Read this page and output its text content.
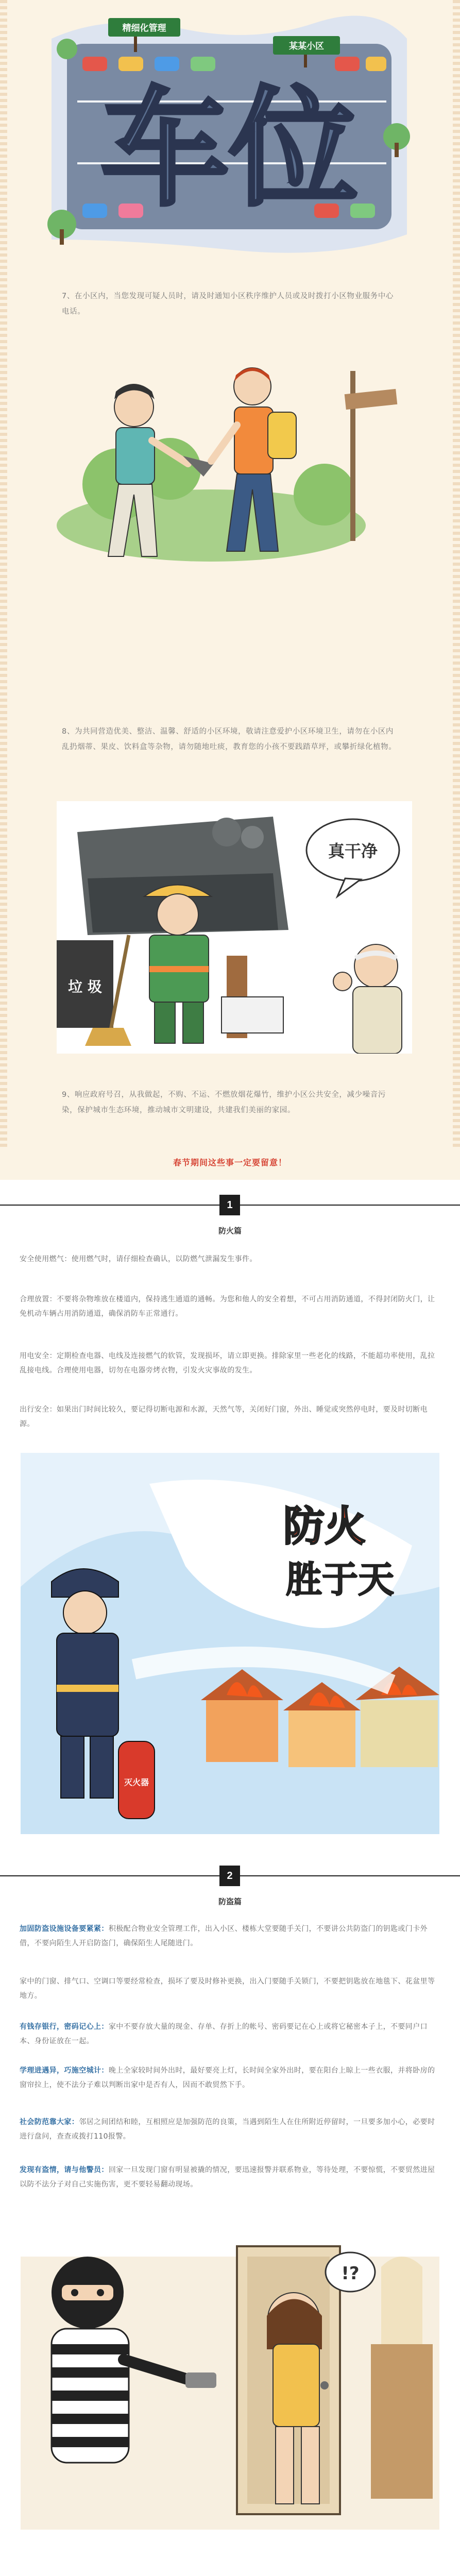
精细化管理
某某小区
车位
7、在小区内，当您发现可疑人员时，请及时通知小区秩序维护人员或及时拨打小区物业服务中心电话。
8、为共同营造优美、整洁、温馨、舒适的小区环境，敬请注意爱护小区环境卫生，请勿在小区内乱扔烟蒂、果皮、饮料盒等杂物，请勿随地吐痰，教育您的小孩不要践踏草坪，或攀折绿化植物。
垃 圾
真干净
9、响应政府号召，从我做起，不购、不运、不燃放烟花爆竹，维护小区公共安全，减少噪音污染，保护城市生态环境，推动城市文明建设，共建我们美丽的家园。
春节期间这些事一定要留意！
1
防火篇
安全使用燃气：使用燃气时，请仔细检查确认，以防燃气泄漏发生事件。
合理放置：不要将杂物堆放在楼道内，保持逃生通道的通畅。为您和他人的安全着想，不可占用消防通道，不得封闭防火门，让免机动车辆占用消防通道，确保消防车正常通行。
用电安全：定期检查电器、电线及连接燃气的软管，发现损坏，请立即更换。排除家里一些老化的线路，不能超功率使用，乱拉乱接电线。合理使用电器，切勿在电器旁烤衣物，引发火灾事故的发生。
出行安全：如果出门时间比较久，要记得切断电源和水源，天然气等，关闭好门窗，外出、睡觉或突然停电时，要及时切断电源。
防火
胜于天
灭火器
2
防盗篇
加固防盗设施设备要紧紧：积极配合物业安全管理工作，出入小区、楼栋大堂要随手关门，不要讲公共防盗门的钥匙或门卡外借，不要向陌生人开启防盗门，确保陌生人尾随进门。
家中的门窗、排气口、空调口等要经常检查，损坏了要及时修补更换，出入门要随手关锁门，不要把钥匙放在地毯下、花盆里等地方。
有钱存银行，密码记心上：家中不要存放大量的现金、存单、存折上的帐号、密码要记在心上或将它秘密本子上，不要同户口本、身份证放在一起。
学理进遇异，巧施空城计：晚上全家较时间外出时，最好要亮上灯，长时间全家外出时，要在阳台上晾上一些衣服，并将卧房的窗帘拉上，使不法分子难以判断出家中是否有人，因而不敢贸然下手。
社会防范靠大家：邻居之间团结和睦，互相照应是加强防范的良策，当遇到陌生人在住所附近停留时，一旦要多加小心，必要时进行盘问，查查或拨打110报警。
发现有盗情，请与他警员：回家一旦发现门窗有明显被撬的情况，要迅速报警并联系物业，等待处理，不要惊慌，不要贸然进屋以防不法分子对自己实施伤害，更不要轻易翻动现场。
!?
